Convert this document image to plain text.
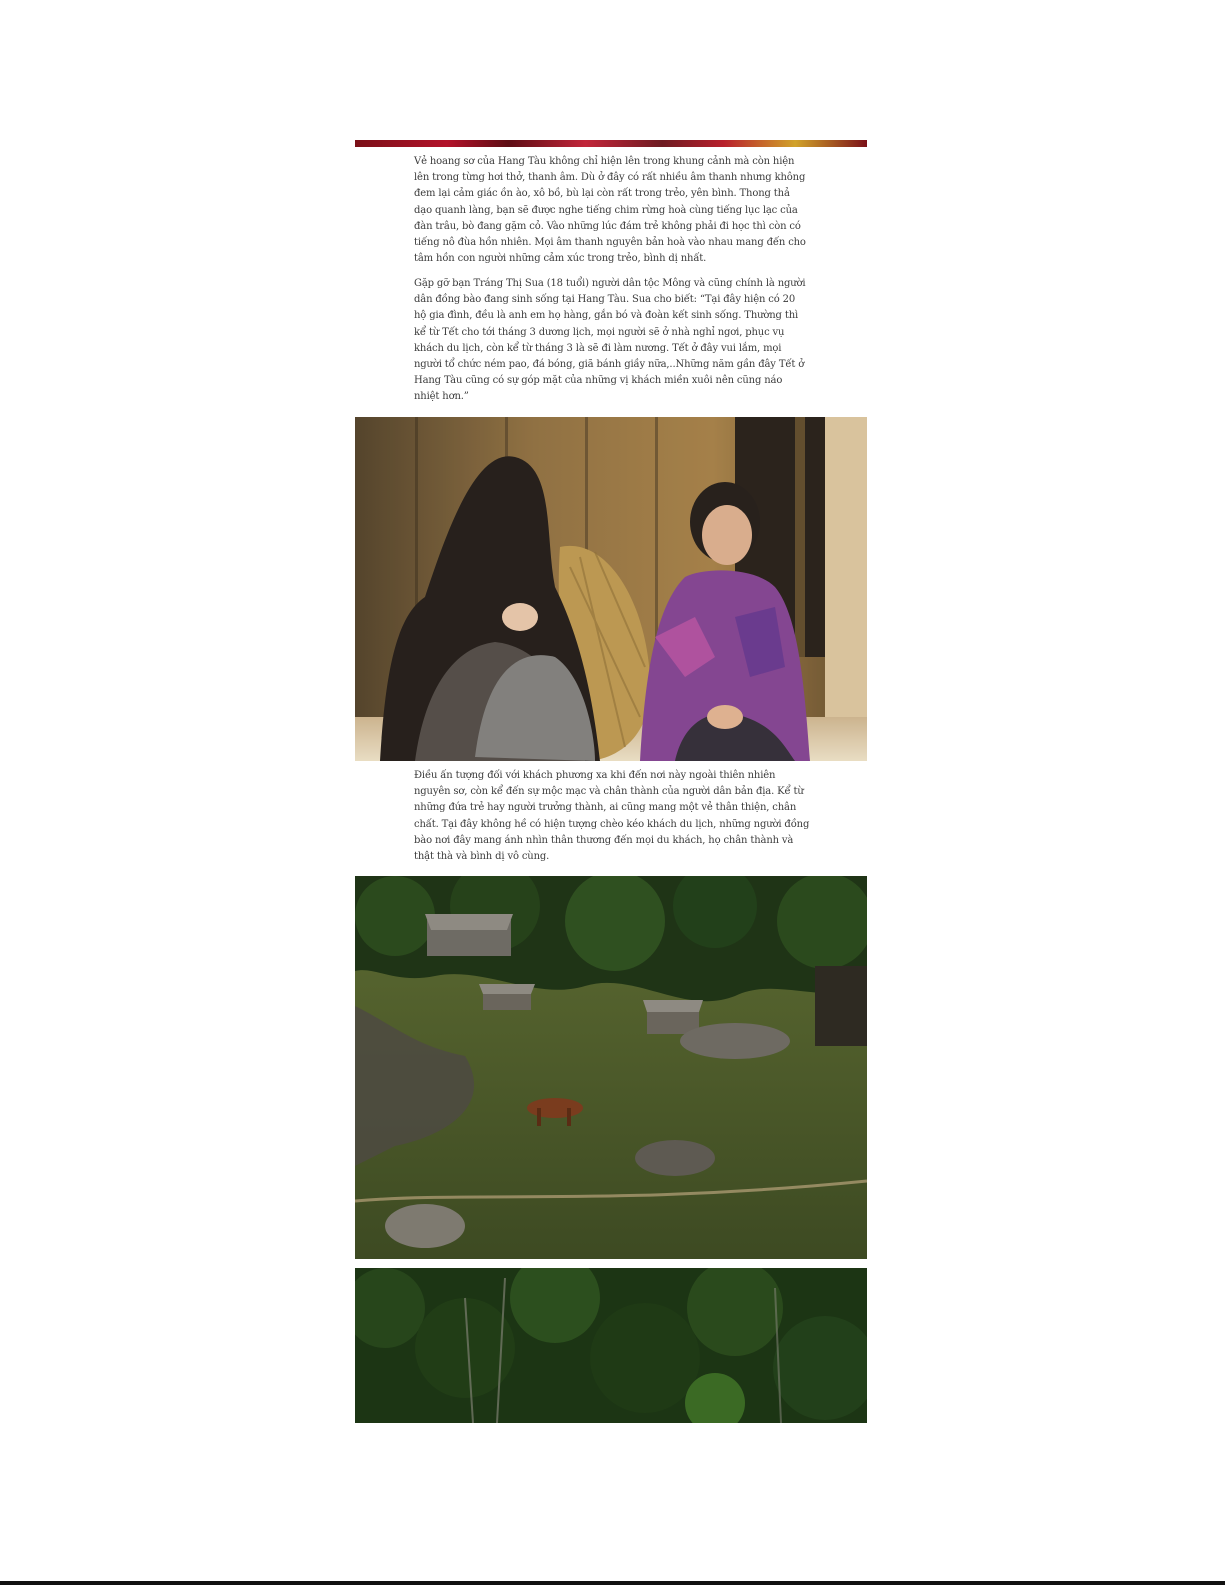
Vẻ hoang sơ của Hang Tàu không chỉ hiện lên trong khung cảnh mà còn hiện lên trong từng hơi thở, thanh âm. Dù ở đây có rất nhiều âm thanh nhưng không đem lại cảm giác ồn ào, xô bồ, bù lại còn rất trong trẻo, yên bình. Thong thả dạo quanh làng, bạn sẽ được nghe tiếng chim rừng hoà cùng tiếng lục lạc của đàn trâu, bò đang gặm cỏ. Vào những lúc đám trẻ không phải đi học thì còn có tiếng nô đùa hồn nhiên. Mọi âm thanh nguyên bản hoà vào nhau mang đến cho tâm hồn con người những cảm xúc trong trẻo, bình dị nhất.

Gặp gỡ bạn Tráng Thị Sua (18 tuổi) người dân tộc Mông và cũng chính là người dân đồng bào đang sinh sống tại Hang Tàu. Sua cho biết: “Tại đây hiện có 20 hộ gia đình, đều là anh em họ hàng, gắn bó và đoàn kết sinh sống. Thường thì kể từ Tết cho tới tháng 3 dương lịch, mọi người sẽ ở nhà nghỉ ngơi, phục vụ khách du lịch, còn kể từ tháng 3 là sẽ đi làm nương. Tết ở đây vui lắm, mọi người tổ chức ném pao, đá bóng, giã bánh giầy nữa,..Những năm gần đây Tết ở Hang Tàu cũng có sự góp mặt của những vị khách miền xuôi nên cũng náo nhiệt hơn.”

Điều ấn tượng đối với khách phương xa khi đến nơi này ngoài thiên nhiên nguyên sơ, còn kể đến sự mộc mạc và chân thành của người dân bản địa. Kể từ những đứa trẻ hay người trưởng thành, ai cũng mang một vẻ thân thiện, chân chất. Tại đây không hề có hiện tượng chèo kéo khách du lịch, những người đồng bào nơi đây mang ánh nhìn thân thương đến mọi du khách, họ chân thành và thật thà và bình dị vô cùng.
